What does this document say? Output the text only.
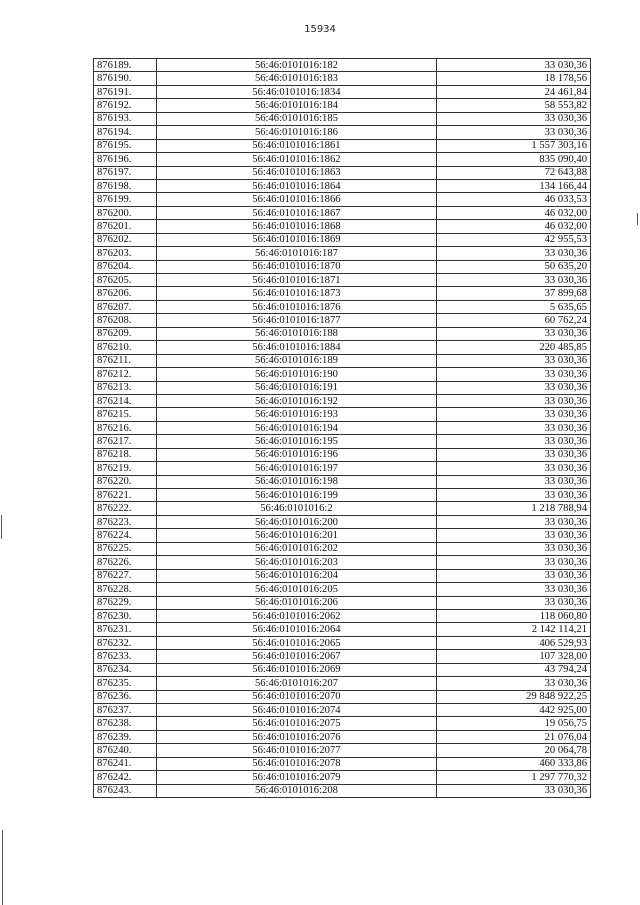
15934
876189.	56:46:0101016:182	33 030,36
876190.	56:46:0101016:183	18 178,56
876191.	56:46:0101016:1834	24 461,84
876192.	56:46:0101016:184	58 553,82
876193.	56:46:0101016:185	33 030,36
876194.	56:46:0101016:186	33 030,36
876195.	56:46:0101016:1861	1 557 303,16
876196.	56:46:0101016:1862	835 090,40
876197.	56:46:0101016:1863	72 643,88
876198.	56:46:0101016:1864	134 166,44
876199.	56:46:0101016:1866	46 033,53
876200.	56:46:0101016:1867	46 032,00
876201.	56:46:0101016:1868	46 032,00
876202.	56:46:0101016:1869	42 955,53
876203.	56:46:0101016:187	33 030,36
876204.	56:46:0101016:1870	50 635,20
876205.	56:46:0101016:1871	33 030,36
876206.	56:46:0101016:1873	37 899,68
876207.	56:46:0101016:1876	5 635,65
876208.	56:46:0101016:1877	60 762,24
876209.	56:46:0101016:188	33 030,36
876210.	56:46:0101016:1884	220 485,85
876211.	56:46:0101016:189	33 030,36
876212.	56:46:0101016:190	33 030,36
876213.	56:46:0101016:191	33 030,36
876214.	56:46:0101016:192	33 030,36
876215.	56:46:0101016:193	33 030,36
876216.	56:46:0101016:194	33 030,36
876217.	56:46:0101016:195	33 030,36
876218.	56:46:0101016:196	33 030,36
876219.	56:46:0101016:197	33 030,36
876220.	56:46:0101016:198	33 030,36
876221.	56:46:0101016:199	33 030,36
876222.	56:46:0101016:2	1 218 788,94
876223.	56:46:0101016:200	33 030,36
876224.	56:46:0101016:201	33 030,36
876225.	56:46:0101016:202	33 030,36
876226.	56:46:0101016:203	33 030,36
876227.	56:46:0101016:204	33 030,36
876228.	56:46:0101016:205	33 030,36
876229.	56:46:0101016:206	33 030,36
876230.	56:46:0101016:2062	118 060,80
876231.	56:46:0101016:2064	2 142 114,21
876232.	56:46:0101016:2065	406 529,93
876233.	56:46:0101016:2067	107 328,00
876234.	56:46:0101016:2069	43 794,24
876235.	56:46:0101016:207	33 030,36
876236.	56:46:0101016:2070	29 848 922,25
876237.	56:46:0101016:2074	442 925,00
876238.	56:46:0101016:2075	19 056,75
876239.	56:46:0101016:2076	21 076,04
876240.	56:46:0101016:2077	20 064,78
876241.	56:46:0101016:2078	460 333,86
876242.	56:46:0101016:2079	1 297 770,32
876243.	56:46:0101016:208	33 030,36
